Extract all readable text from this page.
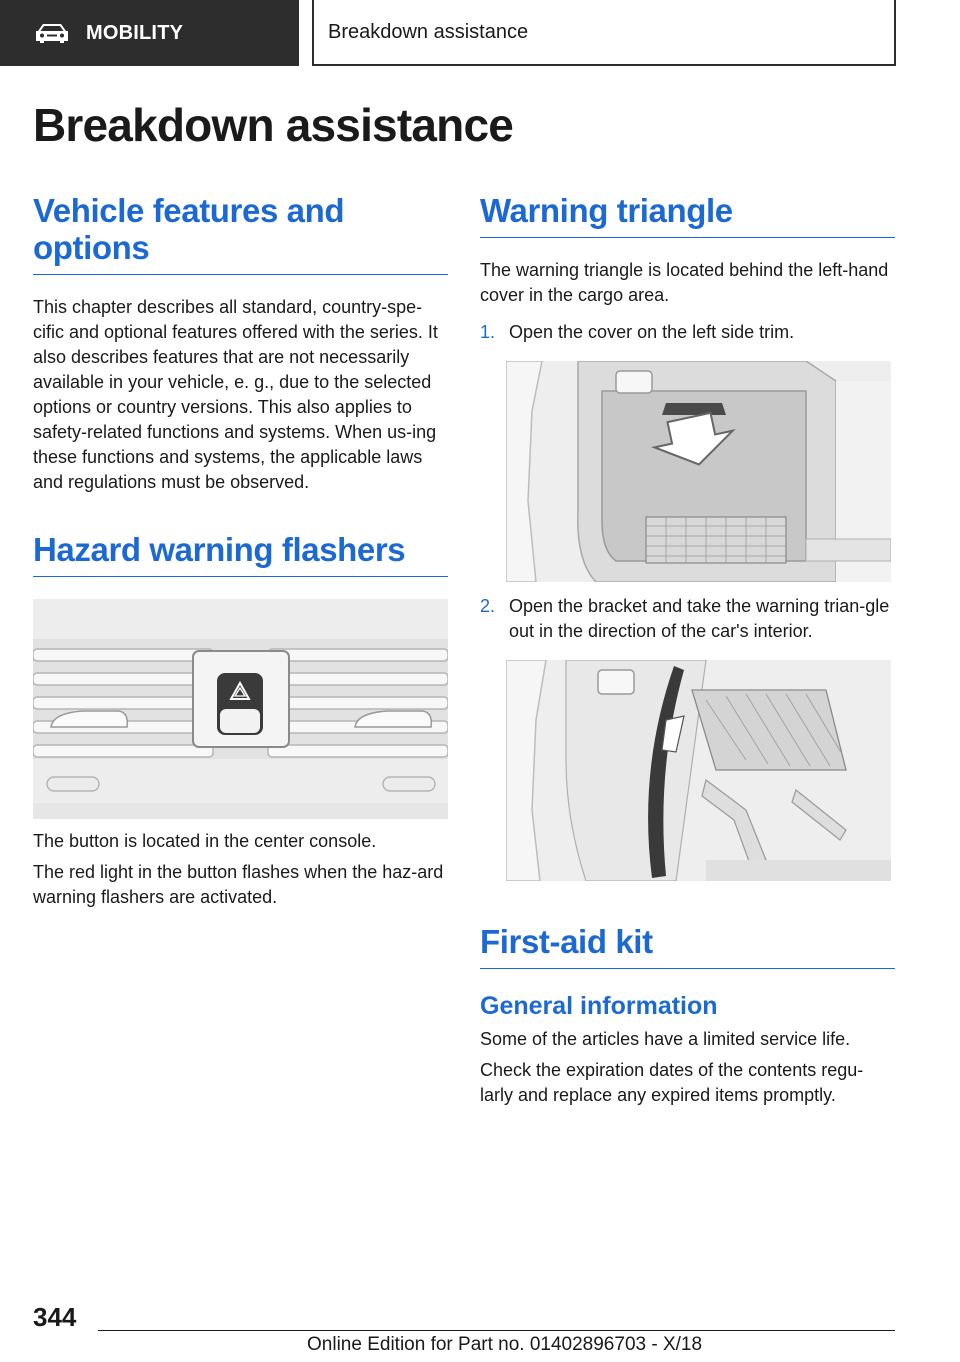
MOBILITY	Breakdown assistance
Breakdown assistance
Vehicle features and options

This chapter describes all standard, country-spe‐cific and optional features offered with the series. It also describes features that are not necessarily available in your vehicle, e. g., due to the selected options or country versions. This also applies to safety-related functions and systems. When us‐ing these functions and systems, the applicable laws and regulations must be observed.

Hazard warning flashers

The button is located in the center console.

The red light in the button flashes when the haz‐ard warning flashers are activated.

Warning triangle

The warning triangle is located behind the left-hand cover in the cargo area.

1. Open the cover on the left side trim.
2. Open the bracket and take the warning trian‐gle out in the direction of the car's interior.
First-aid kit
General information

Some of the articles have a limited service life.

Check the expiration dates of the contents regu‐larly and replace any expired items promptly.

344
Online Edition for Part no. 01402896703 - X/18
